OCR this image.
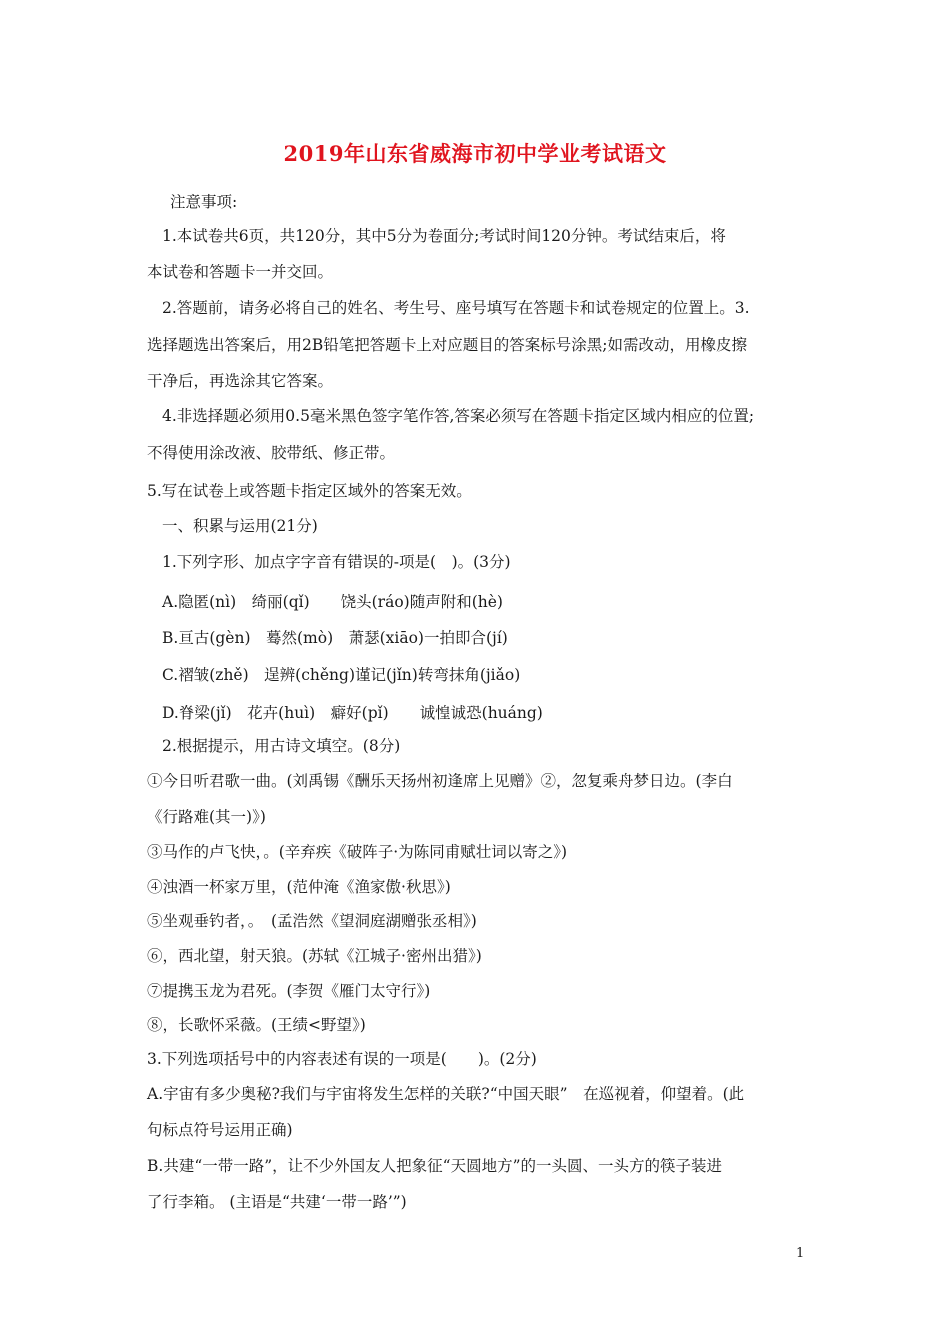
2019年山东省威海市初中学业考试语文
注意事项:
1.本试卷共6页，共120分，其中5分为卷面分;考试时间120分钟。考试结束后，将
本试卷和答题卡一并交回。
2.答题前，请务必将自己的姓名、考生号、座号填写在答题卡和试卷规定的位置上。3.
选择题选出答案后，用2B铅笔把答题卡上对应题目的答案标号涂黑;如需改动，用橡皮擦
干净后，再选涂其它答案。
4.非选择题必须用0.5毫米黑色签字笔作答,答案必须写在答题卡指定区域内相应的位置;
不得使用涂改液、胶带纸、修正带。
5.写在试卷上或答题卡指定区域外的答案无效。
一、积累与运用(21分)
1.下列字形、加点字字音有错误的-项是(　)。(3分)
A.隐匿(nì)　绮丽(qǐ)　　饶头(ráo)随声附和(hè)
B.亘古(gèn)　蓦然(mò)　萧瑟(xiāo)一拍即合(jí)
C.褶皱(zhě)　逞辨(chěng)谨记(jǐn)转弯抹角(jiǎo)
D.脊梁(jǐ)　花卉(huì)　癖好(pǐ)　　诚惶诚恐(huáng)
2.根据提示，用古诗文填空。(8分)
①今日听君歌一曲。(刘禹锡《酬乐天扬州初逢席上见赠》②，忽复乘舟梦日边。(李白
《行路难(其一)》)
③马作的卢飞快，。(辛弃疾《破阵子·为陈同甫赋壮词以寄之》)
④浊酒一杯家万里，(范仲淹《渔家傲·秋思》)
⑤坐观垂钓者，。　(孟浩然《望洞庭湖赠张丞相》)
⑥，西北望，射天狼。(苏轼《江城子·密州出猎》)
⑦提携玉龙为君死。(李贺《雁门太守行》)
⑧，长歌怀采薇。(王绩<野望》)
3.下列选项括号中的内容表述有误的一项是(　　)。(2分)
A.宇宙有多少奥秘?我们与宇宙将发生怎样的关联?“中国天眼”　在巡视着，仰望着。(此
句标点符号运用正确)
B.共建“一带一路”，让不少外国友人把象征“天圆地方”的一头圆、一头方的筷子装进
了行李箱。 (主语是“共建‘一带一路’”)
1
